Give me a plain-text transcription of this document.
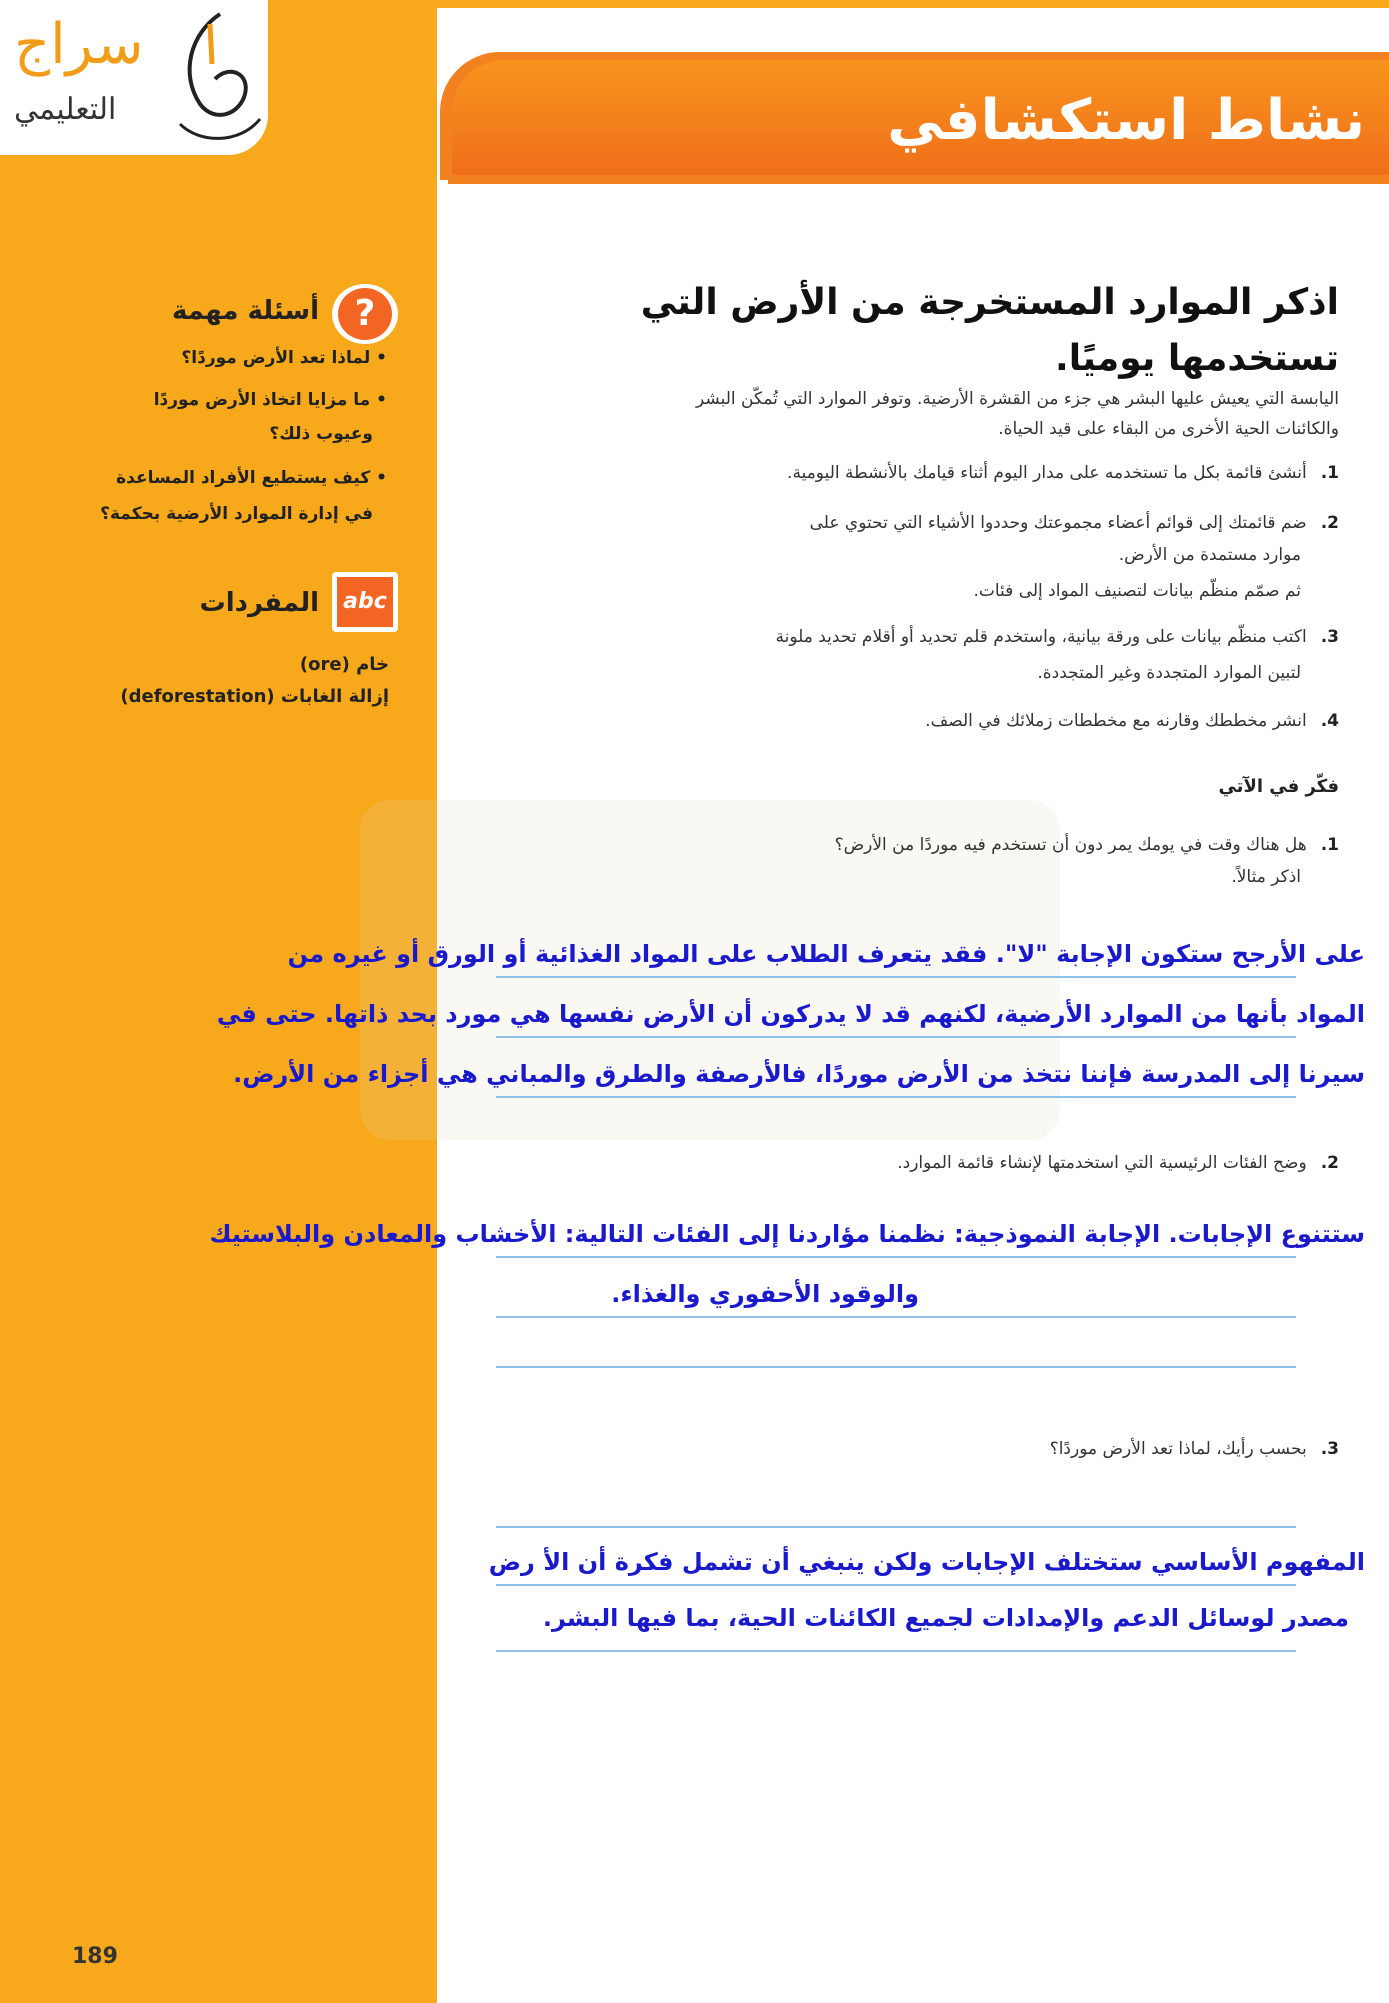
سراج
التعليمي	نشاط استكشافي
?
أسئلة مهمة
• لماذا تعد الأرض موردًا؟
• ما مزايا اتخاذ الأرض موردًا
وعيوب ذلك؟
• كيف يستطيع الأفراد المساعدة
في إدارة الموارد الأرضية بحكمة؟
abc
المفردات
خام (ore)
إزالة الغابات (deforestation)
اذكر الموارد المستخرجة من الأرض التي
تستخدمها يوميًا.
اليابسة التي يعيش عليها البشر هي جزء من القشرة الأرضية. وتوفر الموارد التي تُمكّن البشر
والكائنات الحية الأخرى من البقاء على قيد الحياة.
1.أنشئ قائمة بكل ما تستخدمه على مدار اليوم أثناء قيامك بالأنشطة اليومية.
2.ضم قائمتك إلى قوائم أعضاء مجموعتك وحددوا الأشياء التي تحتوي على
موارد مستمدة من الأرض.
ثم صمّم منظّم بيانات لتصنيف المواد إلى فئات.
3.اكتب منظّم بيانات على ورقة بيانية، واستخدم قلم تحديد أو أقلام تحديد ملونة
لتبين الموارد المتجددة وغير المتجددة.
4.انشر مخططك وقارنه مع مخططات زملائك في الصف.
فكّر في الآتي
1.هل هناك وقت في يومك يمر دون أن تستخدم فيه موردًا من الأرض؟
اذكر مثالاً.
على الأرجح ستكون الإجابة "لا". فقد يتعرف الطلاب على المواد الغذائية أو الورق أو غيره من
المواد بأنها من الموارد الأرضية، لكنهم قد لا يدركون أن الأرض نفسها هي مورد بحد ذاتها. حتى في
سيرنا إلى المدرسة فإننا نتخذ من الأرض موردًا، فالأرصفة والطرق والمباني هي أجزاء من الأرض.
2.وضح الفئات الرئيسية التي استخدمتها لإنشاء قائمة الموارد.
ستتنوع الإجابات. الإجابة النموذجية: نظمنا مؤاردنا إلى الفئات التالية: الأخشاب والمعادن والبلاستيك
والوقود الأحفوري والغذاء.
3.بحسب رأيك، لماذا تعد الأرض موردًا؟
المفهوم الأساسي ستختلف الإجابات ولكن ينبغي أن تشمل فكرة أن الأ رض
مصدر لوسائل الدعم والإمدادات لجميع الكائنات الحية، بما فيها البشر.
189
